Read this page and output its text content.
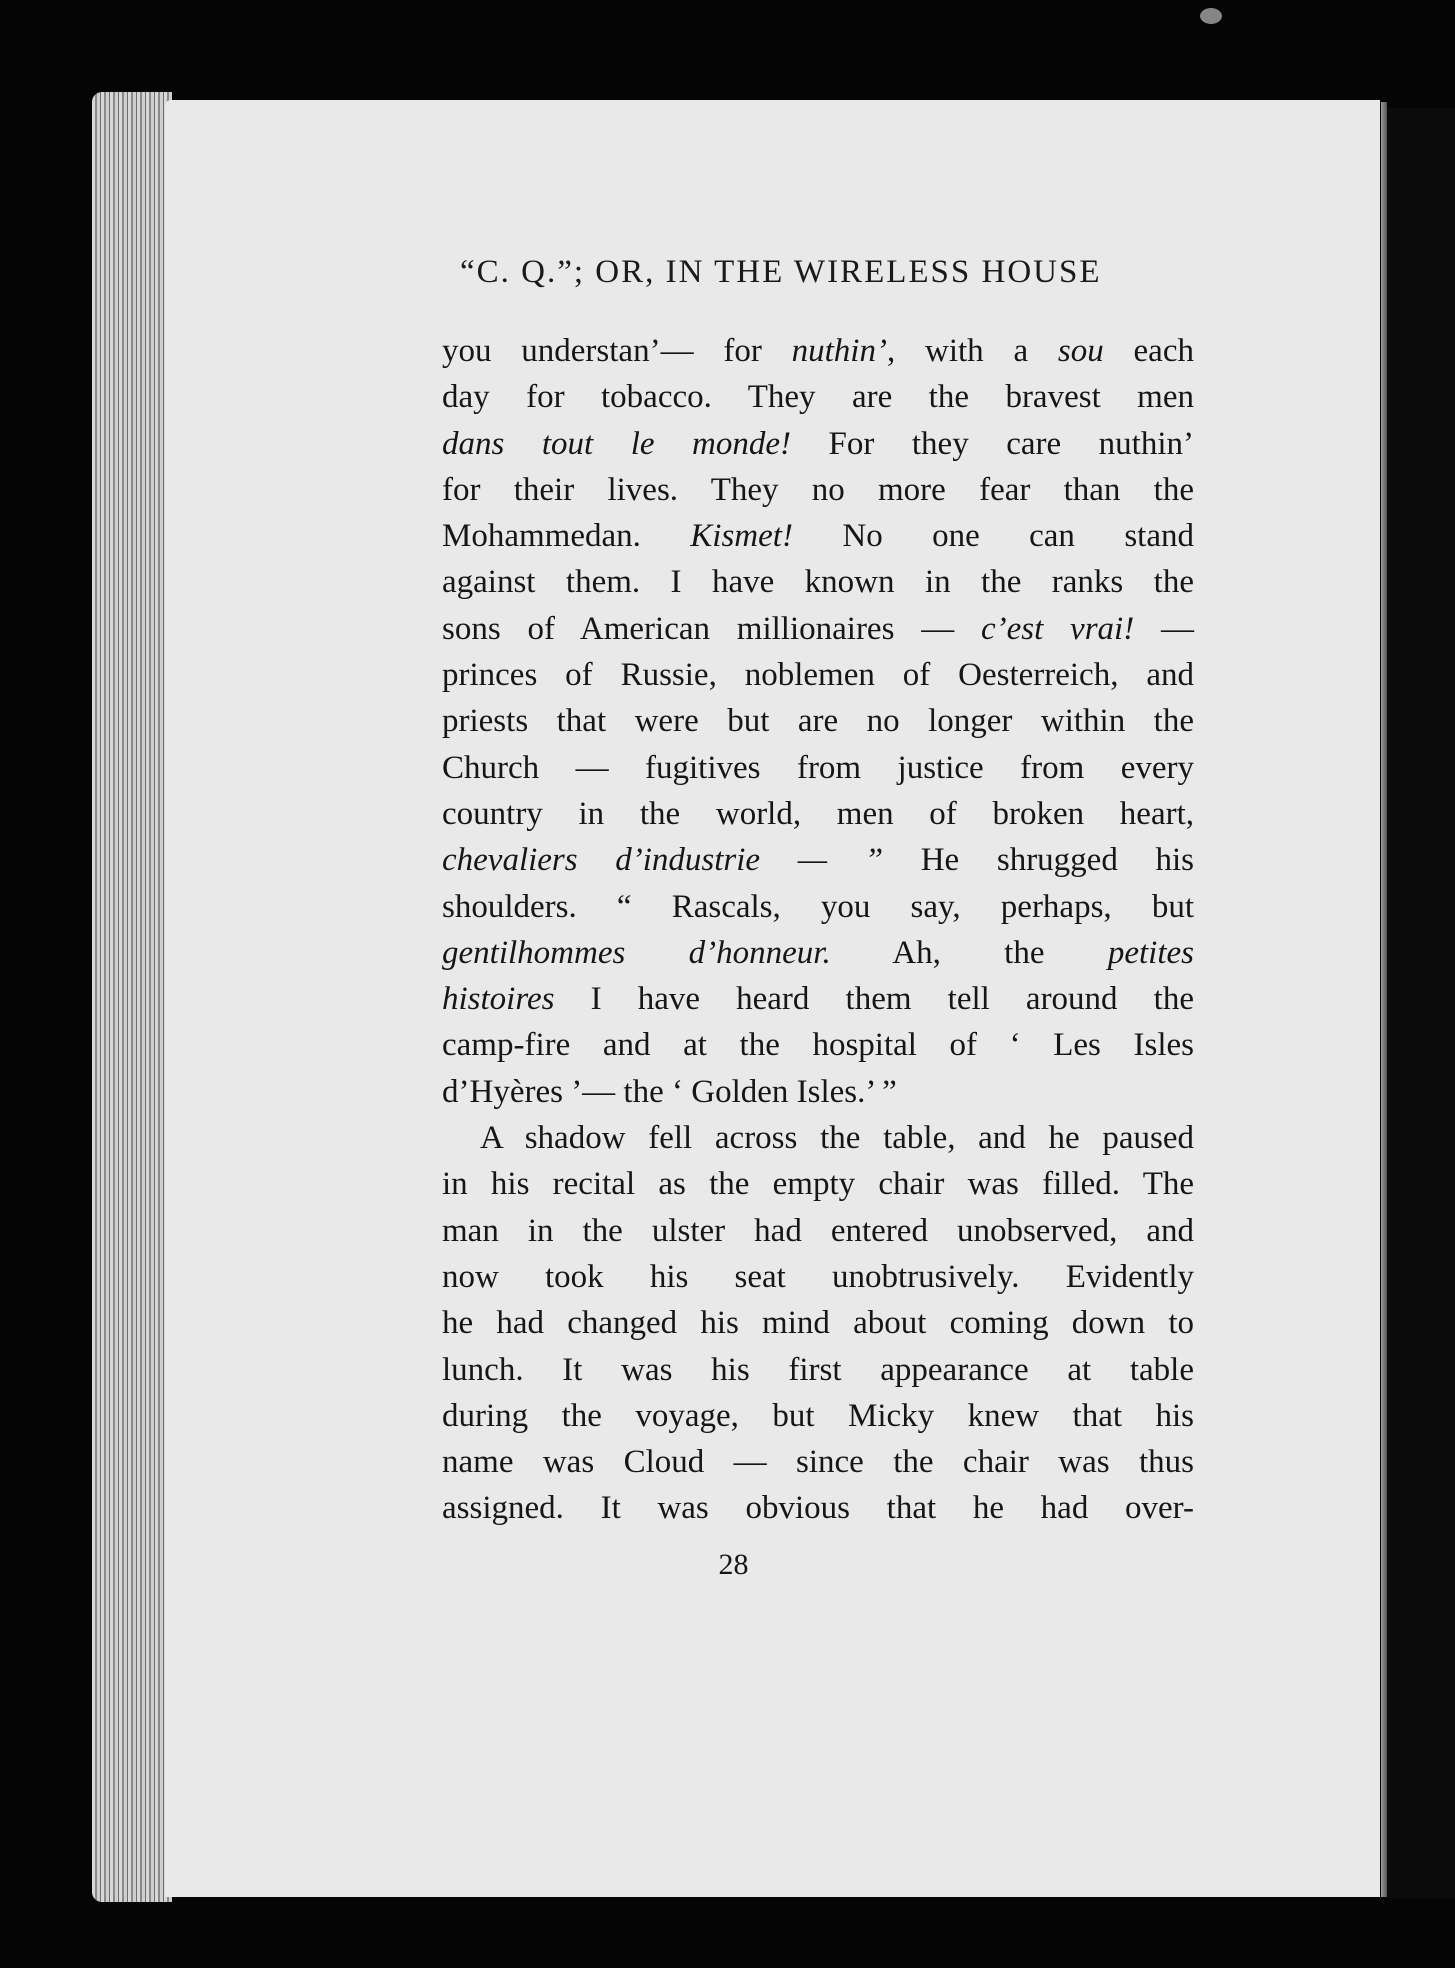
“C. Q.”; OR, IN THE WIRELESS HOUSE
you understan’— for nuthin’, with a sou each
day for tobacco. They are the bravest men
dans tout le monde! For they care nuthin’
for their lives. They no more fear than the
Mohammedan. Kismet! No one can stand
against them. I have known in the ranks the
sons of American millionaires — c’est vrai! —
princes of Russie, noblemen of Oesterreich, and
priests that were but are no longer within the
Church — fugitives from justice from every
country in the world, men of broken heart,
chevaliers d’industrie — ” He shrugged his
shoulders. “ Rascals, you say, perhaps, but
gentilhommes d’honneur. Ah, the petites
histoires I have heard them tell around the
camp-fire and at the hospital of ‘ Les Isles
d’Hyères ’— the ‘ Golden Isles.’ ”
A shadow fell across the table, and he paused
in his recital as the empty chair was filled. The
man in the ulster had entered unobserved, and
now took his seat unobtrusively. Evidently
he had changed his mind about coming down to
lunch. It was his first appearance at table
during the voyage, but Micky knew that his
name was Cloud — since the chair was thus
assigned. It was obvious that he had over-
28
